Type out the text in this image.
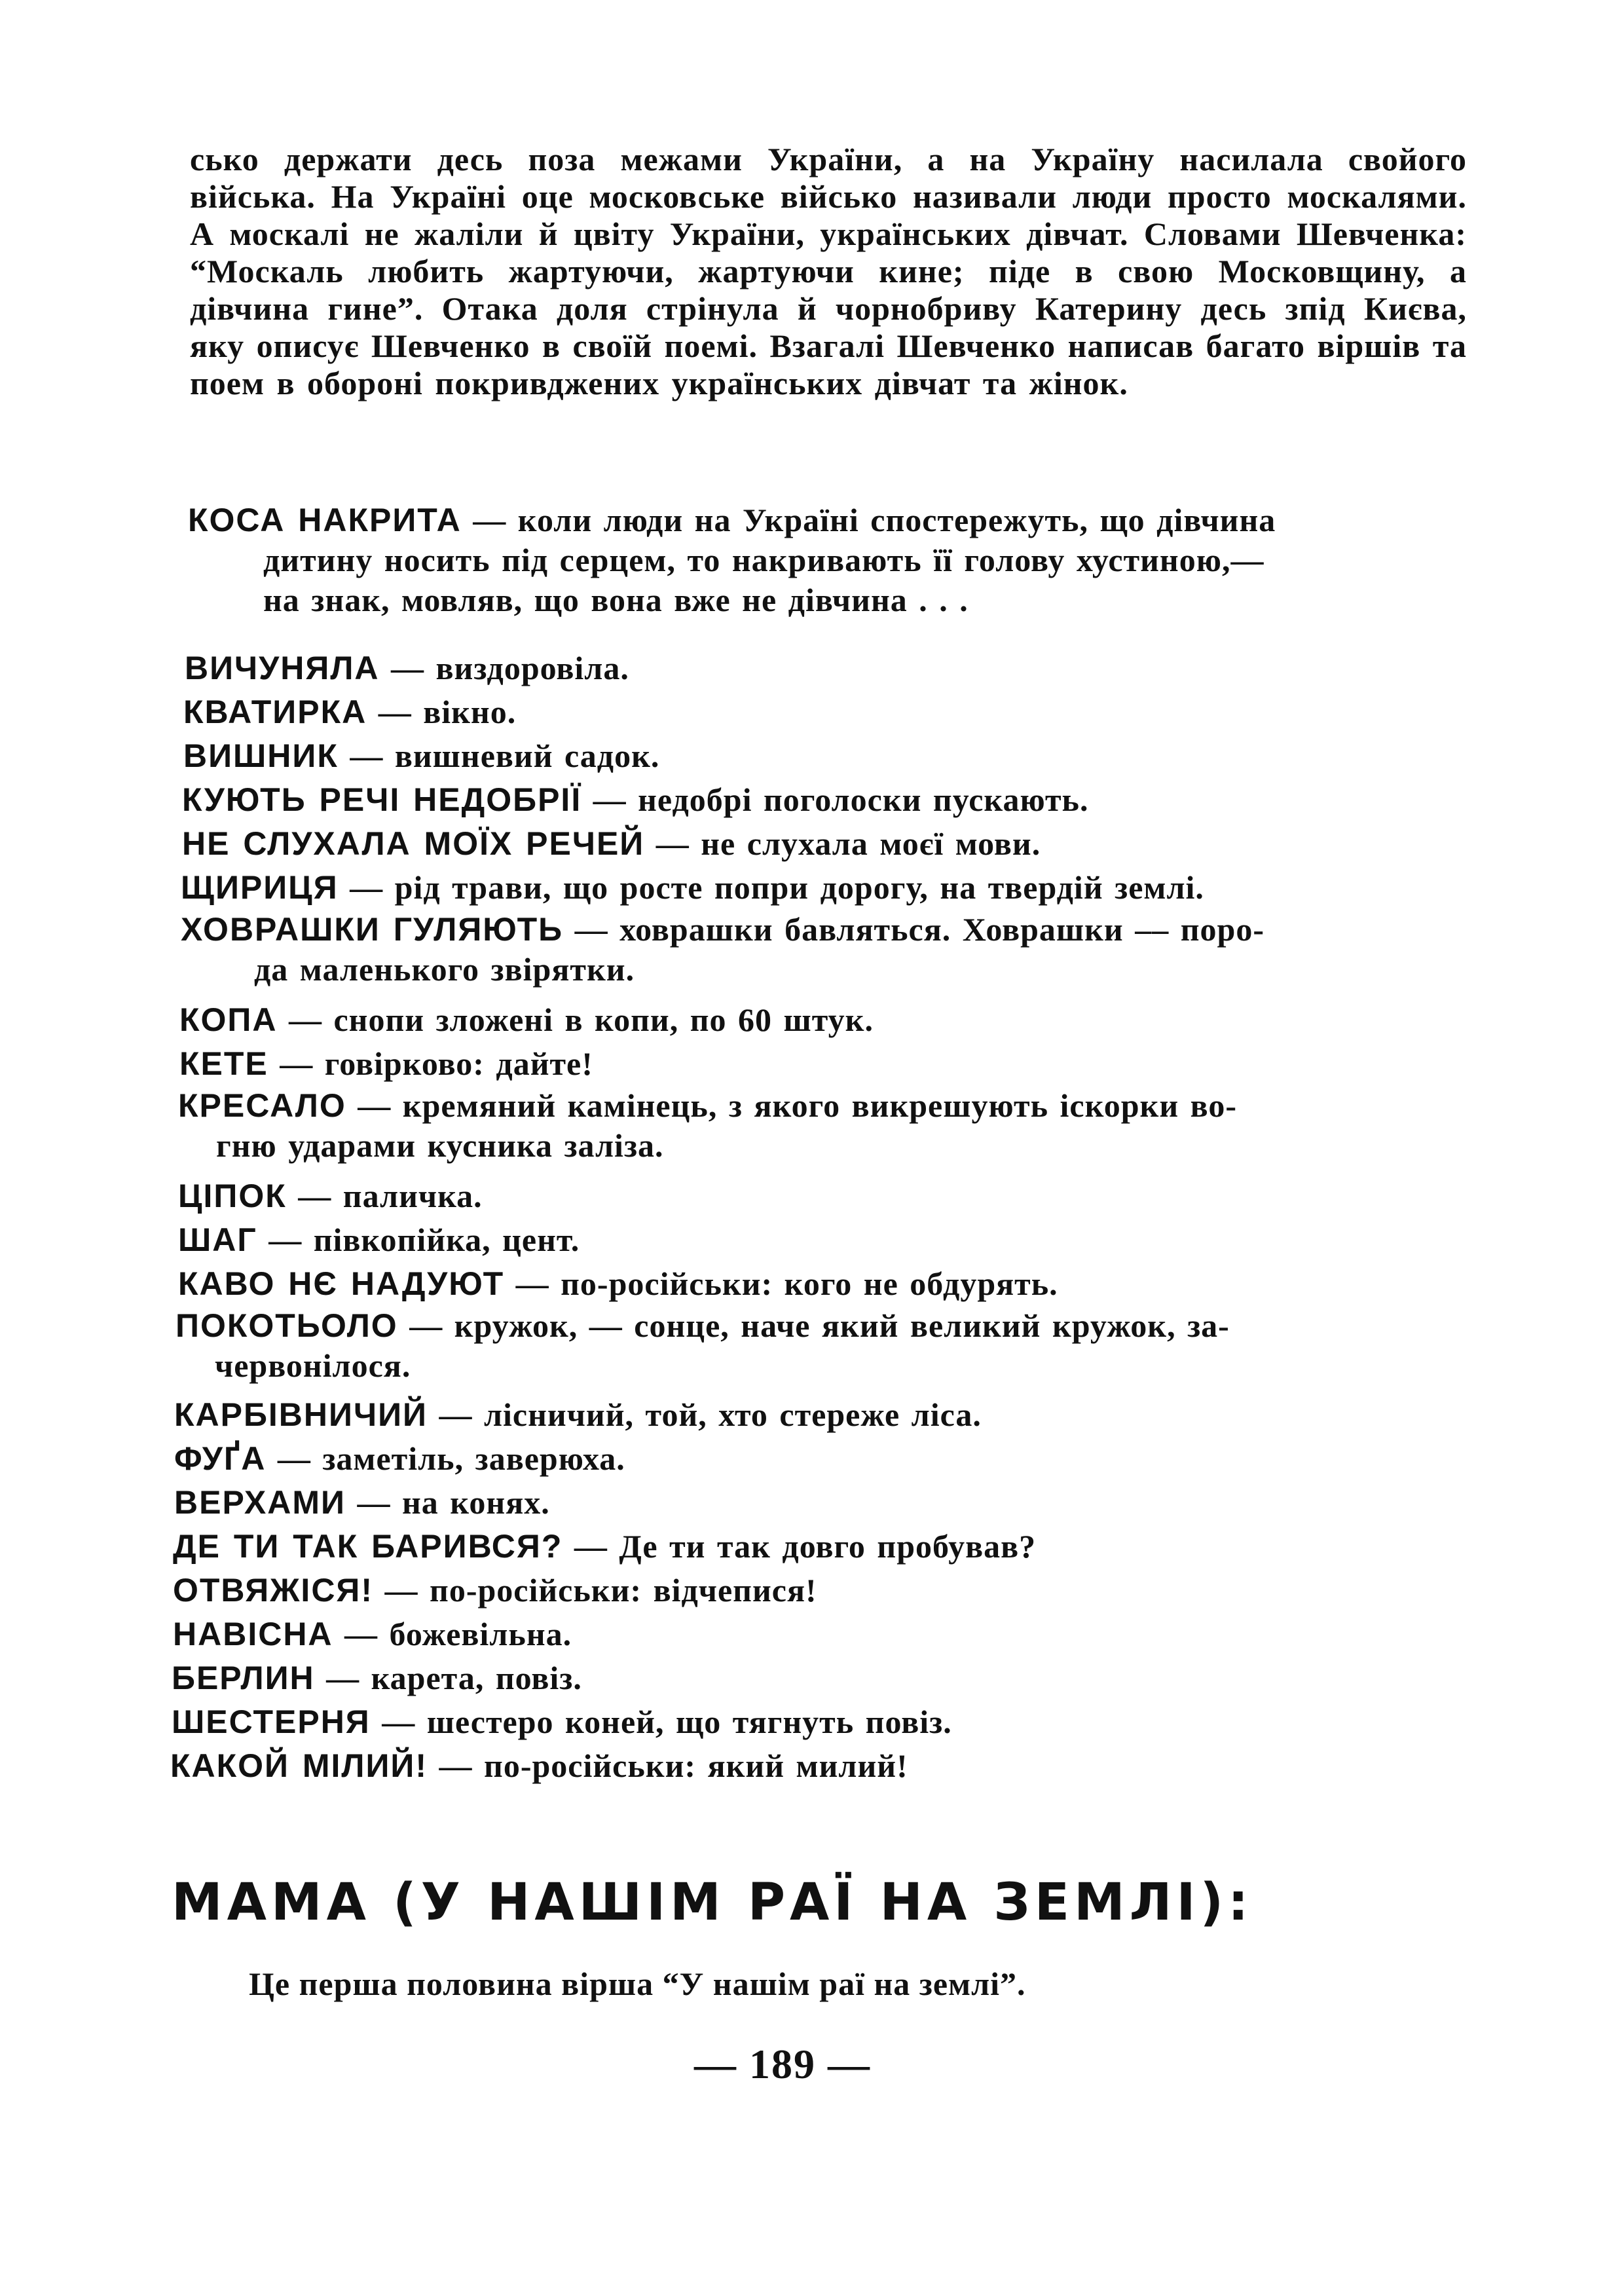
сько держати десь поза межами України, а на Україну насилала свойого війська. На Україні оце московське військо називали люди просто москалями. А москалі не жаліли й цвіту України, українських дівчат. Словами Шевченка: “Москаль любить жартуючи, жартуючи кине; піде в свою Московщину, а дівчина гине”. Отака доля стрінула й чорнобриву Катерину десь зпід Києва, яку описує Шевченко в своїй поемі. Взагалі Шевченко написав багато віршів та поем в обороні покривджених українських дівчат та жінок.

КОСА НАКРИТА — коли люди на Україні спостережуть, що дівчина
дитину носить під серцем, то накривають її голову хустиною,—
на знак, мовляв, що вона вже не дівчина . . .
ВИЧУНЯЛА — виздоровіла.
КВАТИРКА — вікно.
ВИШНИК — вишневий садок.
КУЮТЬ РЕЧІ НЕДОБРІЇ — недобрі поголоски пускають.
НЕ СЛУХАЛА МОЇХ РЕЧЕЙ — не слухала моєї мови.
ЩИРИЦЯ — рід трави, що росте попри дорогу, на твердій землі.
ХОВРАШКИ ГУЛЯЮТЬ — ховрашки бавляться. Ховрашки –– поро-
да маленького звірятки.
КОПА — снопи зложені в копи, по 60 штук.
КЕТЕ — говірково: дайте!
КРЕСАЛО — кремяний камінець, з якого викрешують іскорки во-
гню ударами кусника заліза.
ЦІПОК — паличка.
ШАГ — півкопійка, цент.
КАВО НЄ НАДУЮТ — по-російськи: кого не обдурять.
ПОКОТЬОЛО — кружок, — сонце, наче який великий кружок, за-
червонілося.
КАРБІВНИЧИЙ — лісничий, той, хто стереже ліса.
ФУҐА — заметіль, заверюха.
ВЕРХАМИ — на конях.
ДЕ ТИ ТАК БАРИВСЯ? — Де ти так довго пробував?
ОТВЯЖІСЯ! — по-російськи: відчепися!
НАВІСНА — божевільна.
БЕРЛИН — карета, повіз.
ШЕСТЕРНЯ — шестеро коней, що тягнуть повіз.
КАКОЙ МІЛИЙ! — по-російськи: який милий!
МАМА (У НАШІМ РАЇ НА ЗЕМЛІ):

Це перша половина вірша “У нашім раї на землі”.

— 189 —
